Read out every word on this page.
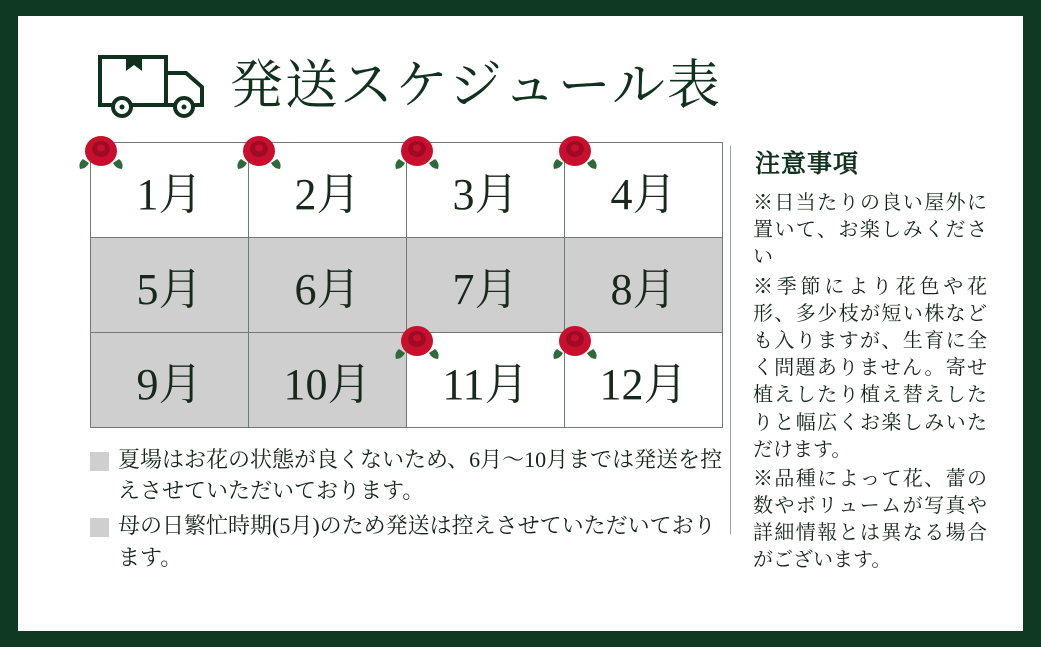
発送スケジュール表
1月	2月	3月	4月
5月	6月	7月	8月
9月	10月	11月	12月
夏場はお花の状態が良くないため、6月〜10月までは発送を控えさせていただいております。
母の日繁忙時期(5月)のため発送は控えさせていただいております。
注意事項
※日当たりの良い屋外に置いて、お楽しみください
※季節により花色や花形、多少枝が短い株なども入りますが、生育に全く問題ありません。寄せ植えしたり植え替えしたりと幅広くお楽しみいただけます。
※品種によって花、蕾の数やボリュームが写真や詳細情報とは異なる場合がございます。
